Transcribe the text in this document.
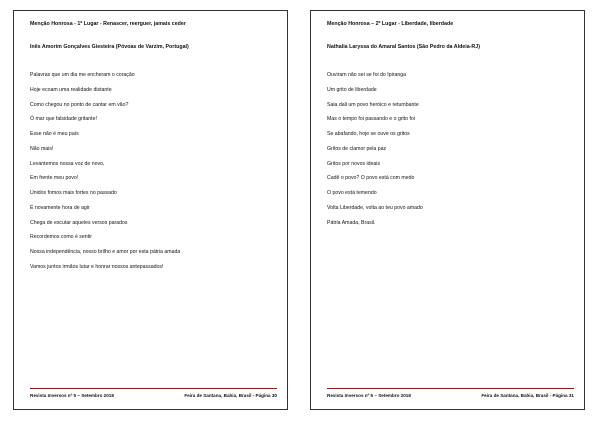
Menção Honrosa - 1º Lugar - Renascer, reerguer, jamais ceder
Inês Amorim Gonçalves Giesteira (Póvoas de Varzim, Portugal)
Palavras que um dia me encheram o coração
Hoje ecoam uma realidade distante
Como chegou no ponto de cantar em vão?
Ó mar que falsidade gritante!
Esse não é meu país
Não mais!
Levantemos nossa voz de novo,
Em frente meu povo!
Unidos fomos mais fortes no passado
É novamente hora de agir
Chega de escutar aqueles versos parados
Recordemos como é sentir
Nossa independência, nosso brilho e amor por esta pátria amada
Vamos juntos irmãos lutar e honrar nossos antepassados!
Revista Inversos nº 5 – Setembro 2018	Feira de Santana, Bahia, Brasil - Página 30
Menção Honrosa – 2º Lugar - Liberdade, liberdade
Nathalia Laryssa do Amaral Santos (São Pedro da Aldeia-RJ)
Ouviram não sei se foi do Ipiranga
Um grito de liberdade
Saia dali um povo heróico e retumbante
Mas o tempo foi passando e o grito foi
Se abafando, hoje se ouve os gritos
Gritos de clamor pela paz
Gritos por novos ideais
Cadê o povo? O povo está com medo
O povo está temendo
Volta Liberdade, volta ao teu povo amado
Pátria Amada, Brasil.
Revista Inversos nº 5 – Setembro 2018	Feira de Santana, Bahia, Brasil - Página 31
